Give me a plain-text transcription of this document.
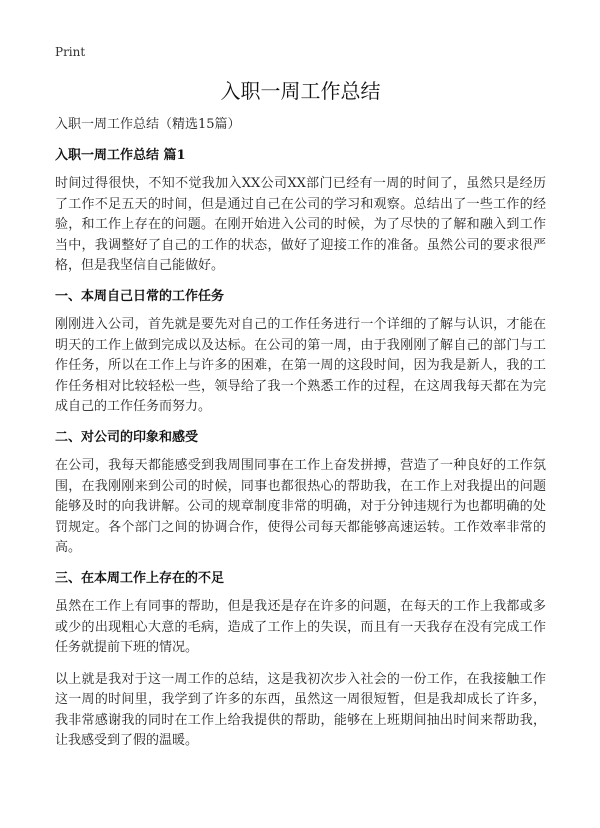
Print
入职一周工作总结
入职一周工作总结（精选15篇）
入职一周工作总结 篇1

时间过得很快，不知不觉我加入XX公司XX部门已经有一周的时间了，虽然只是经历了工作不足五天的时间，但是通过自己在公司的学习和观察。总结出了一些工作的经验，和工作上存在的问题。在刚开始进入公司的时候，为了尽快的了解和融入到工作当中，我调整好了自己的工作的状态，做好了迎接工作的准备。虽然公司的要求很严格，但是我坚信自己能做好。

一、本周自己日常的工作任务

刚刚进入公司，首先就是要先对自己的工作任务进行一个详细的了解与认识，才能在明天的工作上做到完成以及达标。在公司的第一周，由于我刚刚了解自己的部门与工作任务，所以在工作上与许多的困难，在第一周的这段时间，因为我是新人，我的工作任务相对比较轻松一些，领导给了我一个熟悉工作的过程，在这周我每天都在为完成自己的工作任务而努力。

二、对公司的印象和感受

在公司，我每天都能感受到我周围同事在工作上奋发拼搏，营造了一种良好的工作氛围，在我刚刚来到公司的时候，同事也都很热心的帮助我，在工作上对我提出的问题能够及时的向我讲解。公司的规章制度非常的明确，对于分钟违规行为也都明确的处罚规定。各个部门之间的协调合作，使得公司每天都能够高速运转。工作效率非常的高。

三、在本周工作上存在的不足

虽然在工作上有同事的帮助，但是我还是存在许多的问题，在每天的工作上我都或多或少的出现粗心大意的毛病，造成了工作上的失误，而且有一天我存在没有完成工作任务就提前下班的情况。

以上就是我对于这一周工作的总结，这是我初次步入社会的一份工作，在我接触工作这一周的时间里，我学到了许多的东西，虽然这一周很短暂，但是我却成长了许多，我非常感谢我的同时在工作上给我提供的帮助，能够在上班期间抽出时间来帮助我，让我感受到了假的温暖。
